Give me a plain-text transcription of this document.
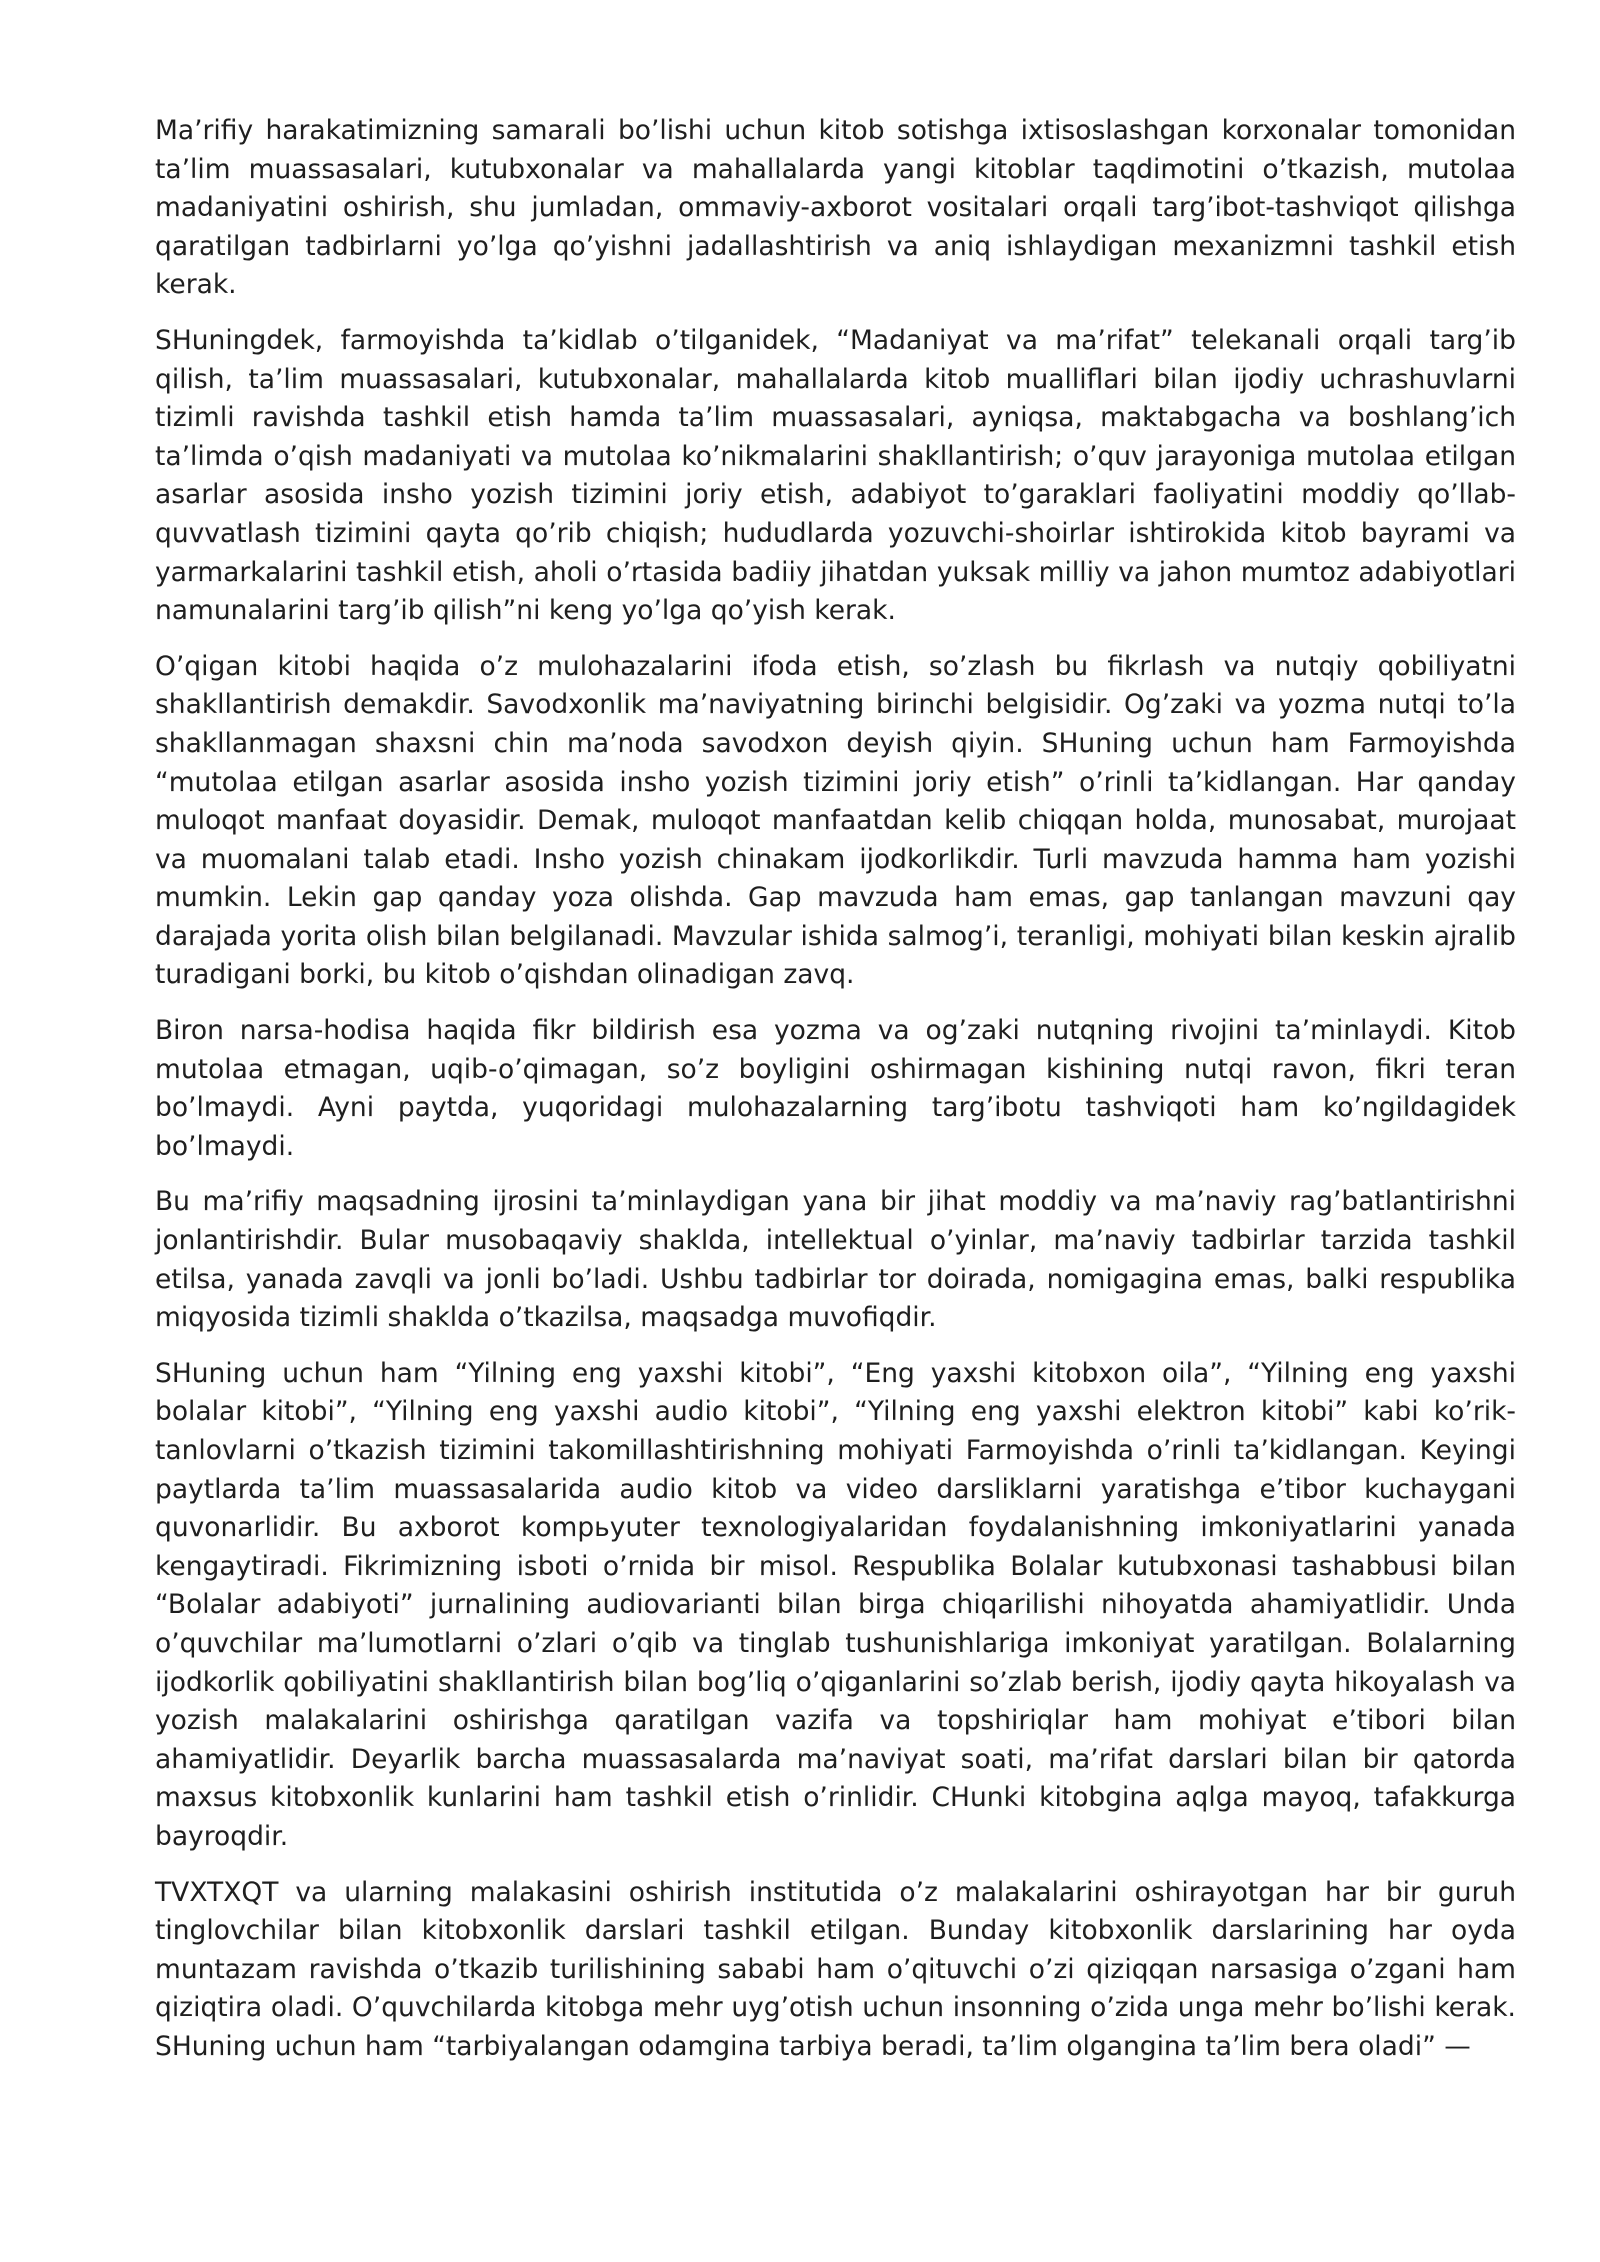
Ma’rifiy harakatimizning samarali bo’lishi uchun kitob sotishga ixtisoslashgan korxonalar tomonidan ta’lim muassasalari, kutubxonalar va mahallalarda yangi kitoblar taqdimotini o’tkazish, mutolaa madaniyatini oshirish, shu jumladan, ommaviy-axborot vositalari orqali targ’ibot-tashviqot qilishga qaratilgan tadbirlarni yo’lga qo’yishni jadallashtirish va aniq ishlaydigan mexanizmni tashkil etish kerak.

SHuningdek, farmoyishda ta’kidlab o’tilganidek, “Madaniyat va ma’rifat” telekanali orqali targ’ib qilish, ta’lim muassasalari, kutubxonalar, mahallalarda kitob mualliflari bilan ijodiy uchrashuvlarni tizimli ravishda tashkil etish hamda ta’lim muassasalari, ayniqsa, maktabgacha va boshlang’ich ta’limda o’qish madaniyati va mutolaa ko’nikmalarini shakllantirish; o’quv jarayoniga mutolaa etilgan asarlar asosida insho yozish tizimini joriy etish, adabiyot to’garaklari faoliyatini moddiy qo’llab-quvvatlash tizimini qayta qo’rib chiqish; hududlarda yozuvchi-shoirlar ishtirokida kitob bayrami va yarmarkalarini tashkil etish, aholi o’rtasida badiiy jihatdan yuksak milliy va jahon mumtoz adabiyotlari namunalarini targ’ib qilish”ni keng yo’lga qo’yish kerak.

O’qigan kitobi haqida o’z mulohazalarini ifoda etish, so’zlash bu fikrlash va nutqiy qobiliyatni shakllantirish demakdir. Savodxonlik ma’naviyatning birinchi belgisidir. Og’zaki va yozma nutqi to’la shakllanmagan shaxsni chin ma’noda savodxon deyish qiyin. SHuning uchun ham Farmoyishda “mutolaa etilgan asarlar asosida insho yozish tizimini joriy etish” o’rinli ta’kidlangan. Har qanday muloqot manfaat doyasidir. Demak, muloqot manfaatdan kelib chiqqan holda, munosabat, murojaat va muomalani talab etadi. Insho yozish chinakam ijodkorlikdir. Turli mavzuda hamma ham yozishi mumkin. Lekin gap qanday yoza olishda. Gap mavzuda ham emas, gap tanlangan mavzuni qay darajada yorita olish bilan belgilanadi. Mavzular ishida salmog’i, teranligi, mohiyati bilan keskin ajralib turadigani borki, bu kitob o’qishdan olinadigan zavq.

Biron narsa-hodisa haqida fikr bildirish esa yozma va og’zaki nutqning rivojini ta’minlaydi. Kitob mutolaa etmagan, uqib-o’qimagan, so’z boyligini oshirmagan kishining nutqi ravon, fikri teran bo’lmaydi. Ayni paytda, yuqoridagi mulohazalarning targ’ibotu tashviqoti ham ko’ngildagidek bo’lmaydi.

Bu ma’rifiy maqsadning ijrosini ta’minlaydigan yana bir jihat moddiy va ma’naviy rag’batlantirishni jonlantirishdir. Bular musobaqaviy shaklda, intellektual o’yinlar, ma’naviy tadbirlar tarzida tashkil etilsa, yanada zavqli va jonli bo’ladi. Ushbu tadbirlar tor doirada, nomigagina emas, balki respublika miqyosida tizimli shaklda o’tkazilsa, maqsadga muvofiqdir.

SHuning uchun ham “Yilning eng yaxshi kitobi”, “Eng yaxshi kitobxon oila”, “Yilning eng yaxshi bolalar kitobi”, “Yilning eng yaxshi audio kitobi”, “Yilning eng yaxshi elektron kitobi” kabi ko’rik-tanlovlarni o’tkazish tizimini takomillashtirishning mohiyati Farmoyishda o’rinli ta’kidlangan. Keyingi paytlarda ta’lim muassasalarida audio kitob va video darsliklarni yaratishga e’tibor kuchaygani quvonarlidir. Bu axborot kompьyuter texnologiyalaridan foydalanishning imkoniyatlarini yanada kengaytiradi. Fikrimizning isboti o’rnida bir misol. Respublika Bolalar kutubxonasi tashabbusi bilan “Bolalar adabiyoti” jurnalining audiovarianti bilan birga chiqarilishi nihoyatda ahamiyatlidir. Unda o’quvchilar ma’lumotlarni o’zlari o’qib va tinglab tushunishlariga imkoniyat yaratilgan. Bolalarning ijodkorlik qobiliyatini shakllantirish bilan bog’liq o’qiganlarini so’zlab berish, ijodiy qayta hikoyalash va yozish malakalarini oshirishga qaratilgan vazifa va topshiriqlar ham mohiyat e’tibori bilan ahamiyatlidir. Deyarlik barcha muassasalarda ma’naviyat soati, ma’rifat darslari bilan bir qatorda maxsus kitobxonlik kunlarini ham tashkil etish o’rinlidir. CHunki kitobgina aqlga mayoq, tafakkurga bayroqdir.

TVXTXQT va ularning malakasini oshirish institutida o’z malakalarini oshirayotgan har bir guruh tinglovchilar bilan kitobxonlik darslari tashkil etilgan. Bunday kitobxonlik darslarining har oyda muntazam ravishda o’tkazib turilishining sababi ham o’qituvchi o’zi qiziqqan narsasiga o’zgani ham qiziqtira oladi. O’quvchilarda kitobga mehr uyg’otish uchun insonning o’zida unga mehr bo’lishi kerak. SHuning uchun ham “tarbiyalangan odamgina tarbiya beradi, ta’lim olgangina ta’lim bera oladi” —
